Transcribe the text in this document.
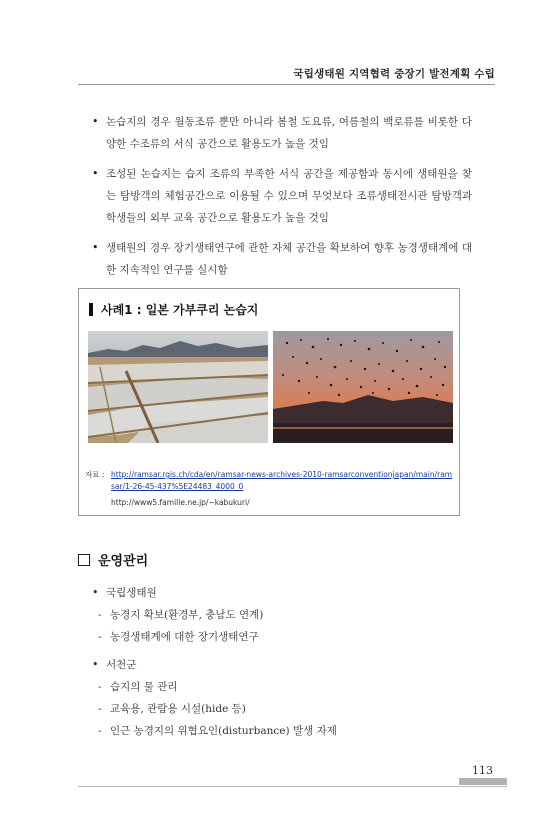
국립생태원 지역협력 중장기 발전계획 수립
• 논습지의 경우 월동조류 뿐만 아니라 봄철 도요류, 여름철의 백로류를 비롯한 다양한 수조류의 서식 공간으로 활용도가 높을 것임
• 조성된 논습지는 습지 조류의 부족한 서식 공간을 제공함과 동시에 생태원을 찾는 탐방객의 체험공간으로 이용될 수 있으며 무엇보다 조류생태전시관 탐방객과 학생들의 외부 교육 공간으로 활용도가 높을 것임
• 생태원의 경우 장기생태연구에 관한 자체 공간을 확보하여 향후 농경생태계에 대한 지속적인 연구를 실시함
사례1 : 일본 가부쿠리 논습지
자료 : http://ramsar.rgis.ch/cda/en/ramsar-news-archives-2010-ramsarconventionjapan/main/ramsar/1-26-45-437%5E24483_4000_0
http://www5.famille.ne.jp/~kabukuri/
운영관리
• 국립생태원
- 농경지 확보(환경부, 충남도 연계)
- 농경생태계에 대한 장기생태연구
• 서천군
- 습지의 물 관리
- 교육용, 관람용 시설(hide 등)
- 인근 농경지의 위협요인(disturbance) 발생 자제
113
